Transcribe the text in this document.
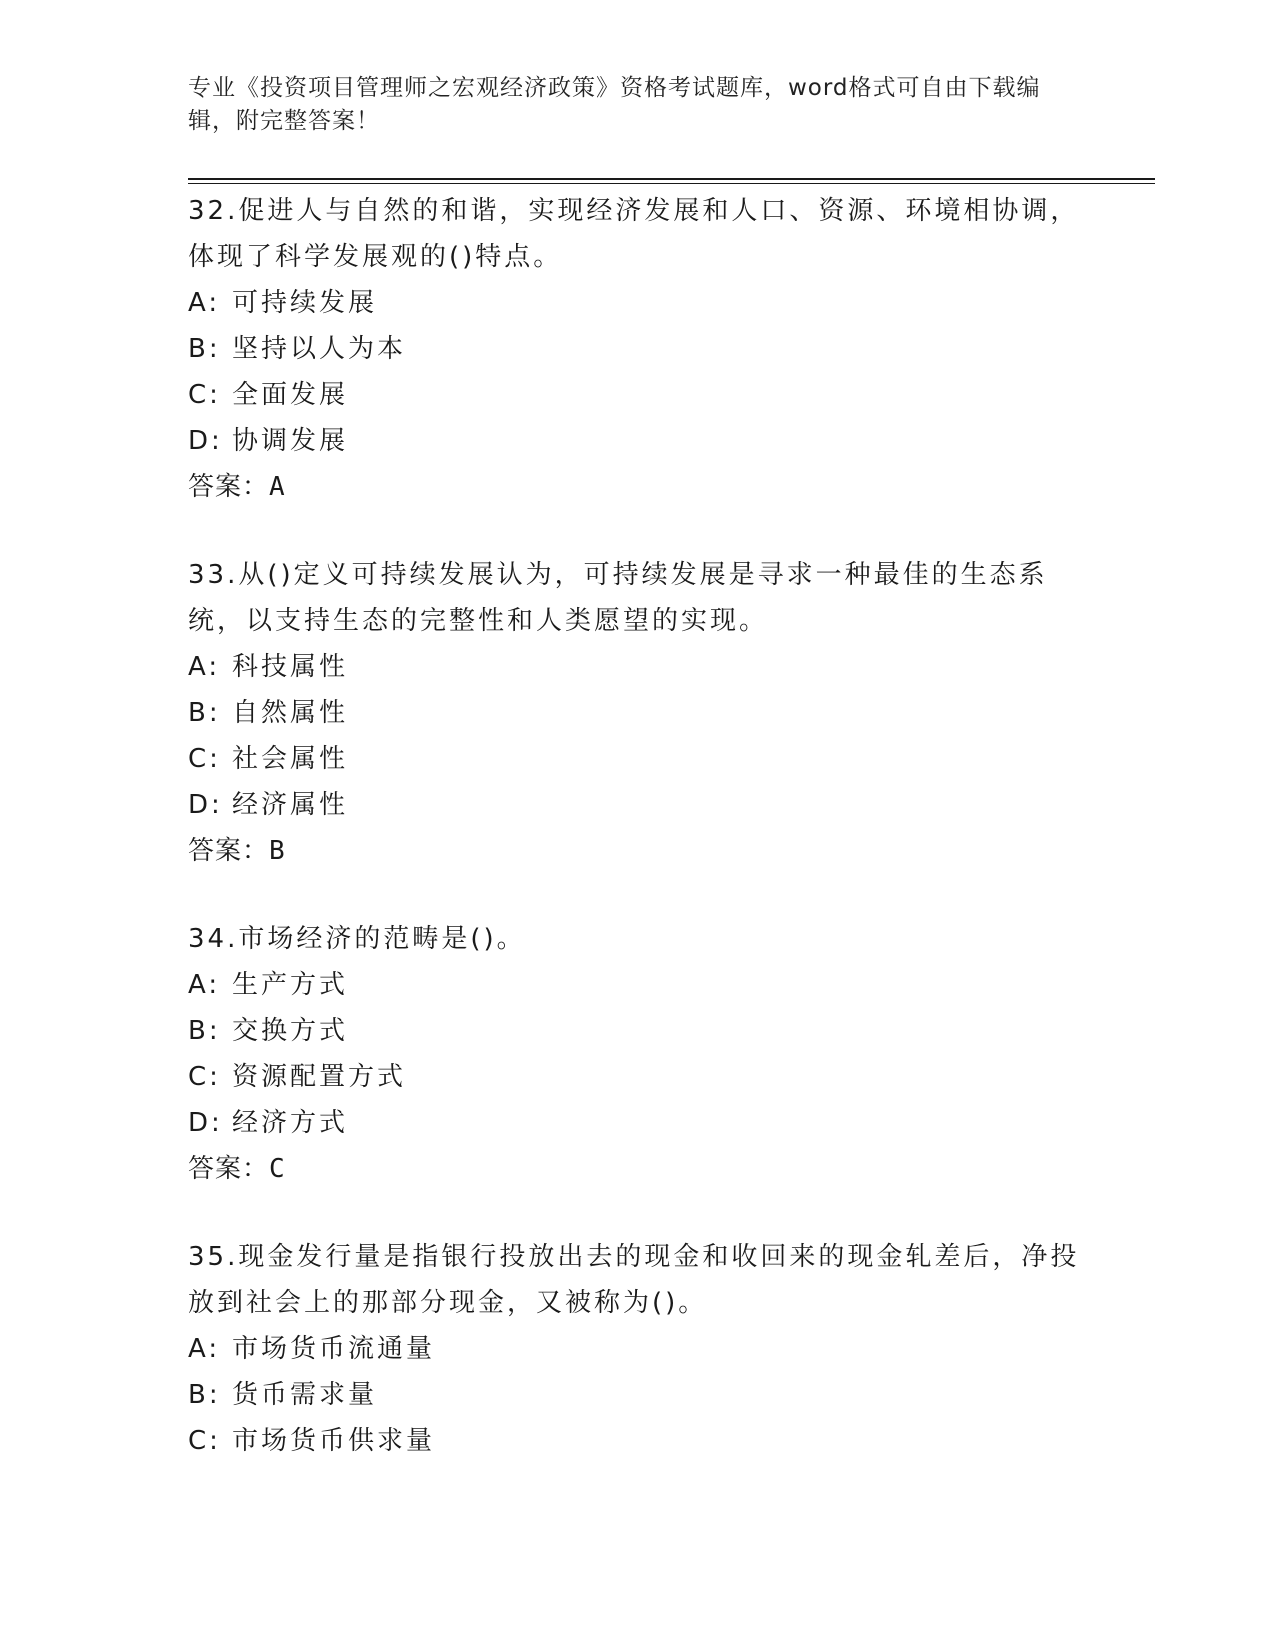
专业《投资项目管理师之宏观经济政策》资格考试题库，word格式可自由下载编辑，附完整答案！

32.促进人与自然的和谐，实现经济发展和人口、资源、环境相协调，体现了科学发展观的()特点。

A: 可持续发展

B: 坚持以人为本

C: 全面发展

D: 协调发展

答案：A

33.从()定义可持续发展认为，可持续发展是寻求一种最佳的生态系统，以支持生态的完整性和人类愿望的实现。

A: 科技属性

B: 自然属性

C: 社会属性

D: 经济属性

答案：B

34.市场经济的范畴是()。

A: 生产方式

B: 交换方式

C: 资源配置方式

D: 经济方式

答案：C

35.现金发行量是指银行投放出去的现金和收回来的现金轧差后，净投放到社会上的那部分现金，又被称为()。

A: 市场货币流通量

B: 货币需求量

C: 市场货币供求量
